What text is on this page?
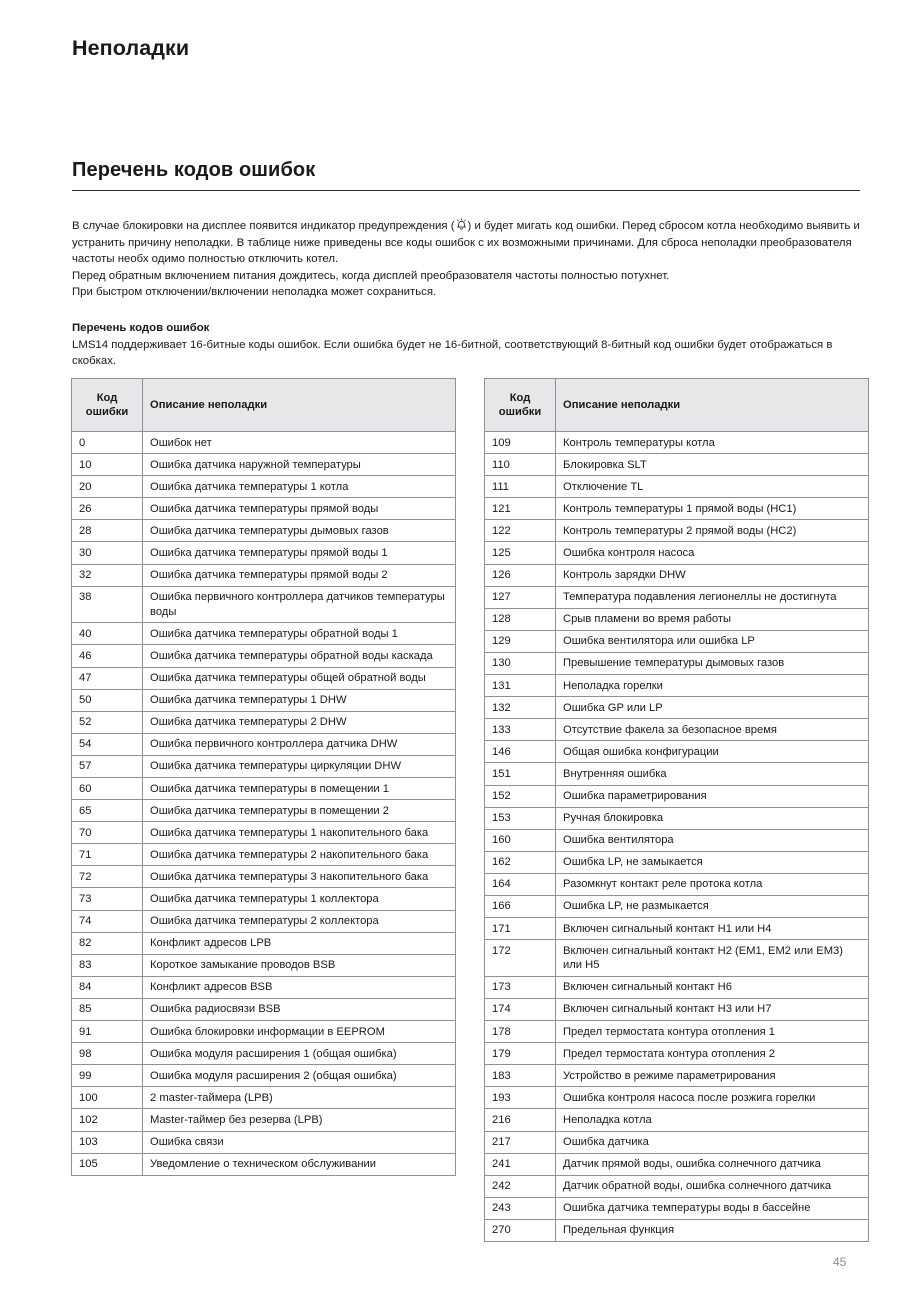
Неполадки
Перечень кодов ошибок

В случае блокировки на дисплее появится индикатор предупреждения ( ) и будет мигать код ошибки. Перед сбросом котла необходимо выявить и устранить причину неполадки. В таблице ниже приведены все коды ошибок с их возможными причинами. Для сброса неполадки преобразователя частоты необх одимо полностью отключить котел.

Перед обратным включением питания дождитесь, когда дисплей преобразователя частоты полностью потухнет.

При быстром отключении/включении неполадка может сохраниться.

Перечень кодов ошибок

LMS14 поддерживает 16-битные коды ошибок. Если ошибка будет не 16-битной, соответствующий 8-битный код ошибки будет отображаться в скобках.

Код
ошибки	Описание неполадки
0	Ошибок нет
10	Ошибка датчика наружной температуры
20	Ошибка датчика температуры 1 котла
26	Ошибка датчика температуры прямой воды
28	Ошибка датчика температуры дымовых газов
30	Ошибка датчика температуры прямой воды 1
32	Ошибка датчика температуры прямой воды 2
38	Ошибка первичного контроллера датчиков температуры воды
40	Ошибка датчика температуры обратной воды 1
46	Ошибка датчика температуры обратной воды каскада
47	Ошибка датчика температуры общей обратной воды
50	Ошибка датчика температуры 1 DHW
52	Ошибка датчика температуры 2 DHW
54	Ошибка первичного контроллера датчика DHW
57	Ошибка датчика температуры циркуляции DHW
60	Ошибка датчика температуры в помещении 1
65	Ошибка датчика температуры в помещении 2
70	Ошибка датчика температуры 1 накопительного бака
71	Ошибка датчика температуры 2 накопительного бака
72	Ошибка датчика температуры 3 накопительного бака
73	Ошибка датчика температуры 1 коллектора
74	Ошибка датчика температуры 2 коллектора
82	Конфликт адресов LPB
83	Короткое замыкание проводов BSB
84	Конфликт адресов BSB
85	Ошибка радиосвязи BSB
91	Ошибка блокировки информации в EEPROM
98	Ошибка модуля расширения 1 (общая ошибка)
99	Ошибка модуля расширения 2 (общая ошибка)
100	2 master-таймера (LPB)
102	Master-таймер без резерва (LPB)
103	Ошибка связи
105	Уведомление о техническом обслуживании
Код
ошибки	Описание неполадки
109	Контроль температуры котла
110	Блокировка SLT
111	Отключение TL
121	Контроль температуры 1 прямой воды (HC1)
122	Контроль температуры 2 прямой воды (HC2)
125	Ошибка контроля насоса
126	Контроль зарядки DHW
127	Температура подавления легионеллы не достигнута
128	Срыв пламени во время работы
129	Ошибка вентилятора или ошибка LP
130	Превышение температуры дымовых газов
131	Неполадка горелки
132	Ошибка GP или LP
133	Отсутствие факела за безопасное время
146	Общая ошибка конфигурации
151	Внутренняя ошибка
152	Ошибка параметрирования
153	Ручная блокировка
160	Ошибка вентилятора
162	Ошибка LP, не замыкается
164	Разомкнут контакт реле протока котла
166	Ошибка LP, не размыкается
171	Включен сигнальный контакт H1 или H4
172	Включен сигнальный контакт H2 (EM1, EM2 или EM3) или H5
173	Включен сигнальный контакт H6
174	Включен сигнальный контакт H3 или H7
178	Предел термостата контура отопления 1
179	Предел термостата контура отопления 2
183	Устройство в режиме параметрирования
193	Ошибка контроля насоса после розжига горелки
216	Неполадка котла
217	Ошибка датчика
241	Датчик прямой воды, ошибка солнечного датчика
242	Датчик обратной воды, ошибка солнечного датчика
243	Ошибка датчика температуры воды в бассейне
270	Предельная функция
45
